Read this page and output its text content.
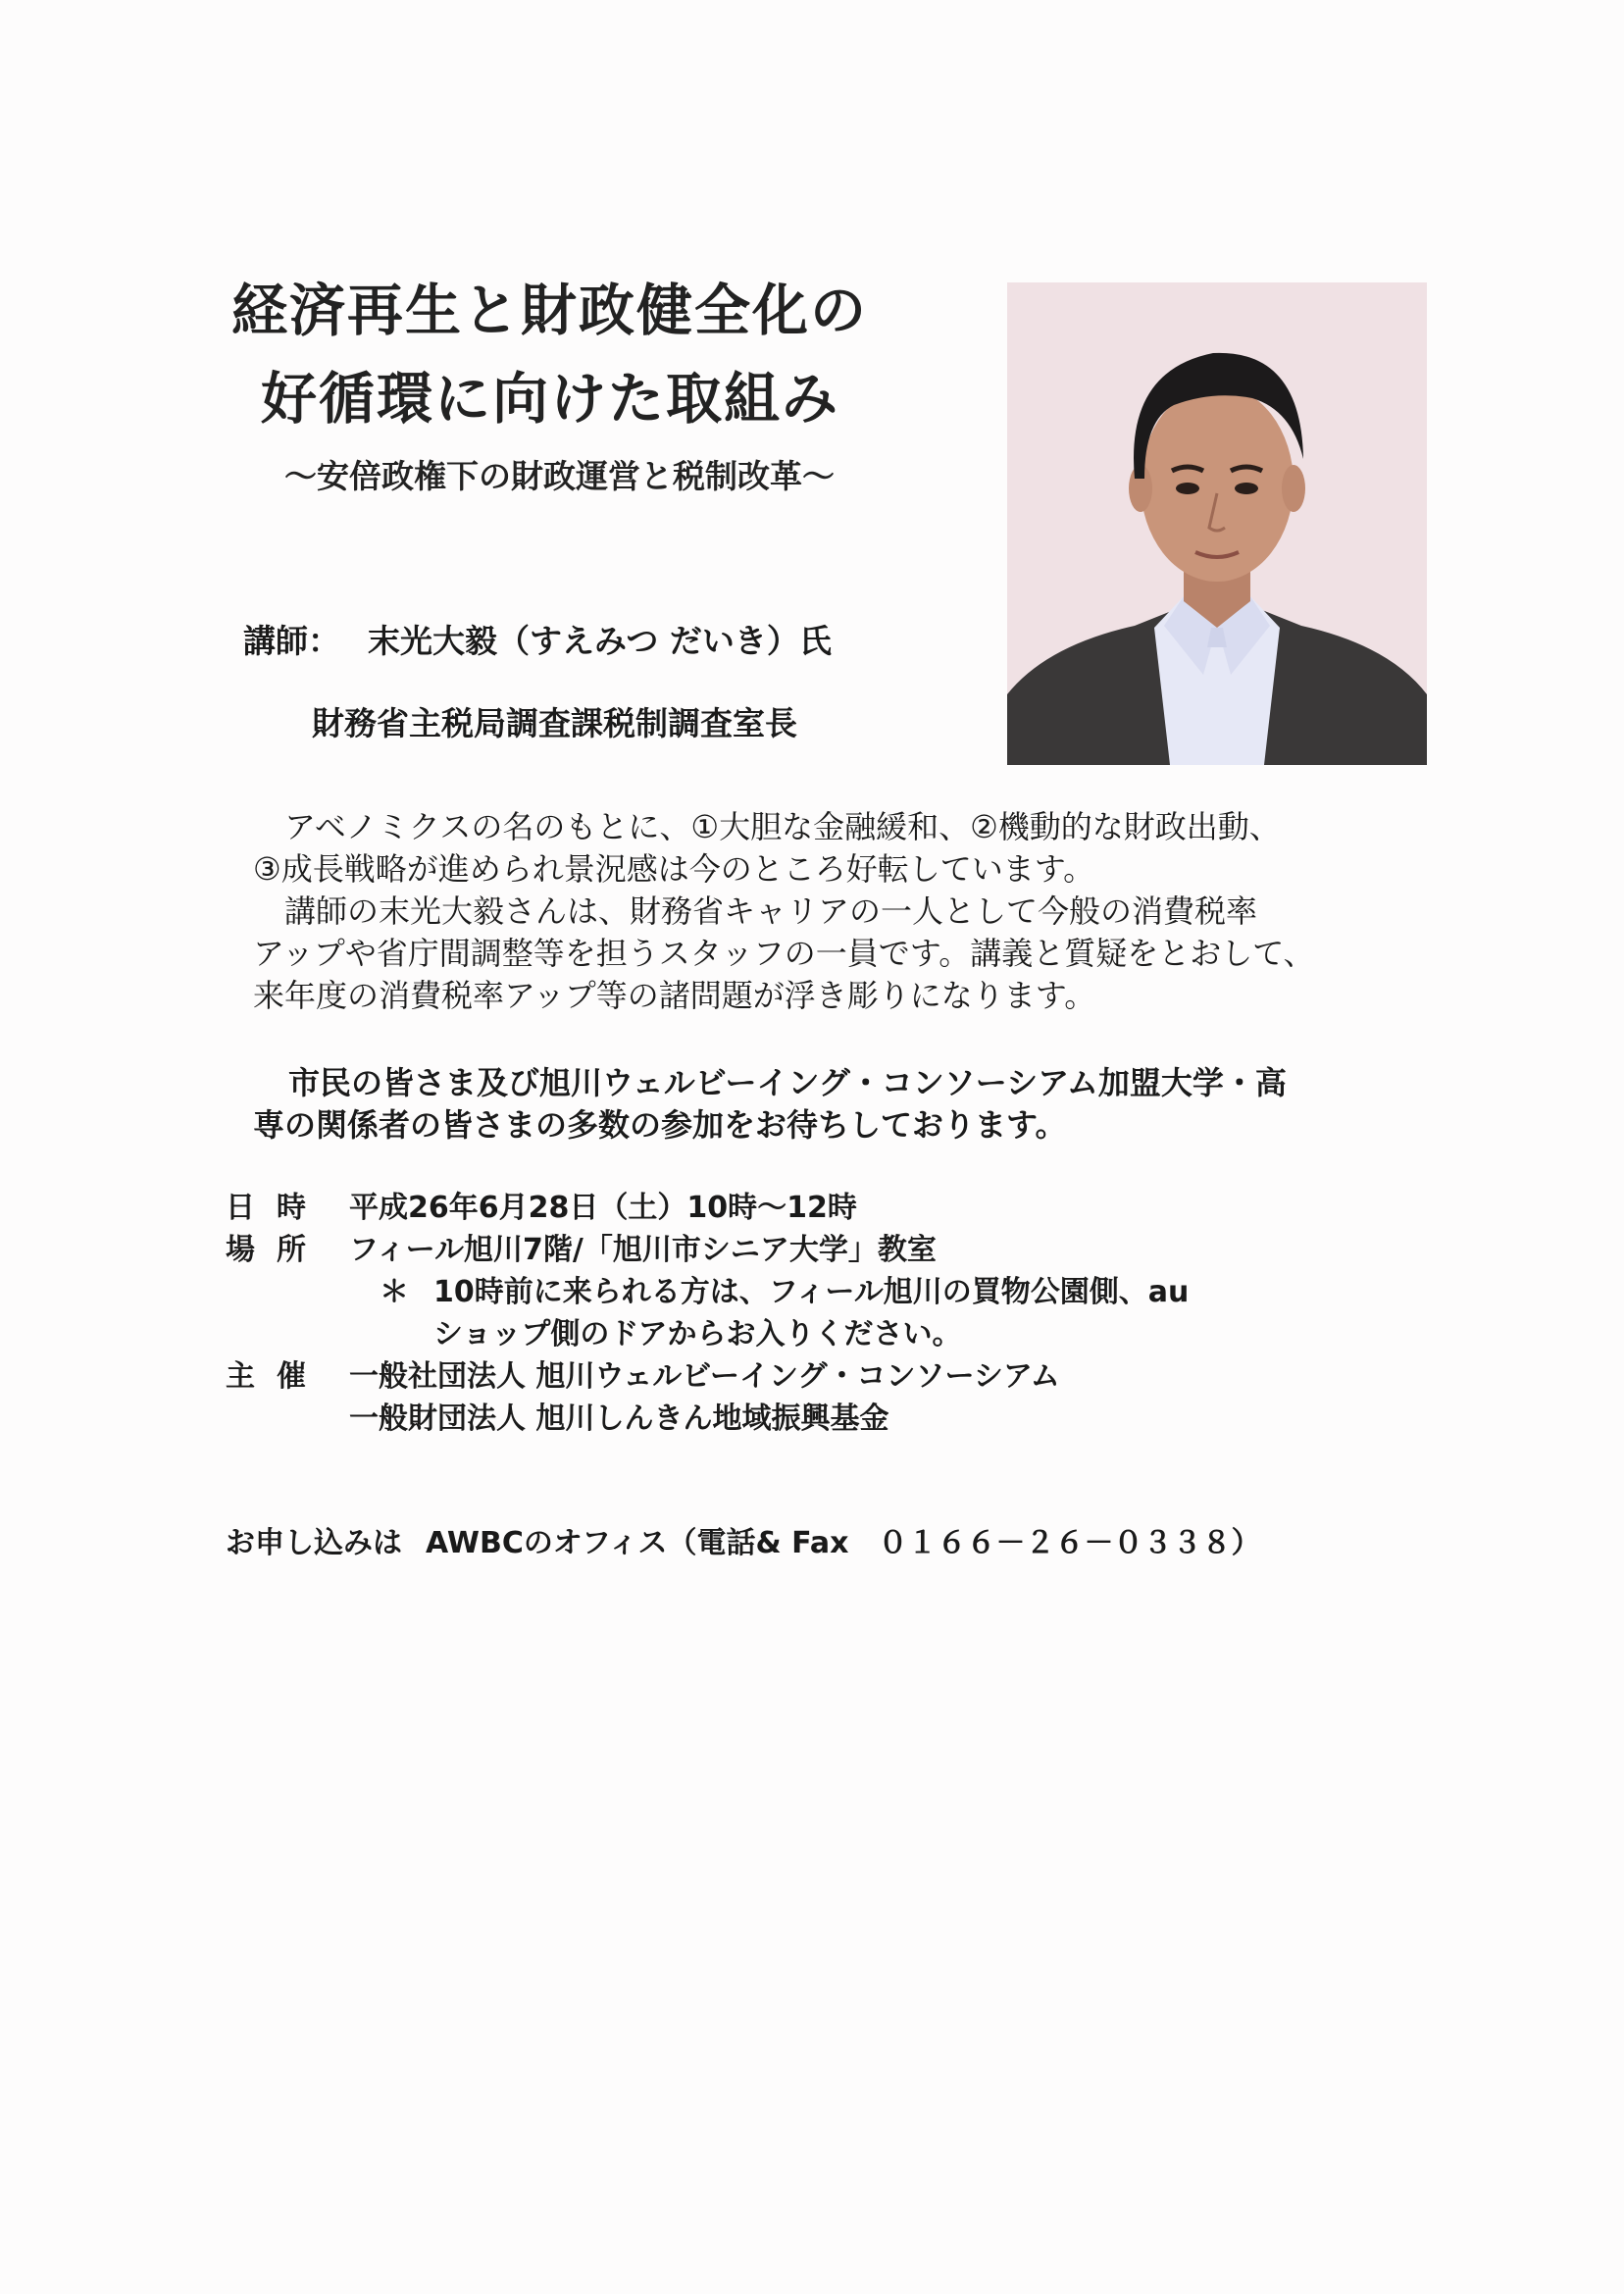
経済再生と財政健全化の
好循環に向けた取組み
～安倍政権下の財政運営と税制改革～
講師： 末光大毅（すえみつ だいき）氏
財務省主税局調査課税制調査室長

アベノミクスの名のもとに、①大胆な金融緩和、②機動的な財政出動、

③成長戦略が進められ景況感は今のところ好転しています。

講師の末光大毅さんは、財務省キャリアの一人として今般の消費税率

アップや省庁間調整等を担うスタッフの一員です。講義と質疑をとおして、

来年度の消費税率アップ等の諸問題が浮き彫りになります。

市民の皆さま及び旭川ウェルビーイング・コンソーシアム加盟大学・高

専の関係者の皆さまの多数の参加をお待ちしております。

日時 平成26年6月28日（土）10時～12時
場所 フィール旭川7階/「旭川市シニア大学」教室
＊ 10時前に来られる方は、フィール旭川の買物公園側、au
ショップ側のドアからお入りください。
主催 一般社団法人 旭川ウェルビーイング・コンソーシアム
一般財団法人 旭川しんきん地域振興基金
お申し込みは AWBCのオフィス（電話& Fax　０１６６－２６－０３３８）
